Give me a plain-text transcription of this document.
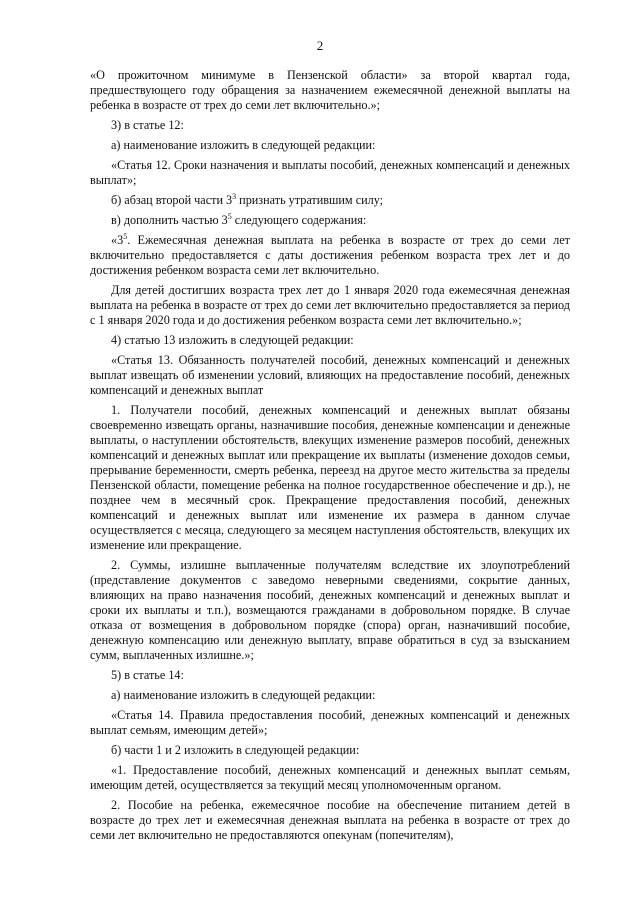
2

«О прожиточном минимуме в Пензенской области» за второй квартал года, предшествующего году обращения за назначением ежемесячной денежной выплаты на ребенка в возрасте от трех до семи лет включительно.»;

3) в статье 12:

а) наименование изложить в следующей редакции:

«Статья 12. Сроки назначения и выплаты пособий, денежных компенсаций и денежных выплат»;

б) абзац второй части $3^3$ признать утратившим силу;

в) дополнить частью $3^5$ следующего содержания:

«$3^5$. Ежемесячная денежная выплата на ребенка в возрасте от трех до семи лет включительно предоставляется с даты достижения ребенком возраста трех лет и до достижения ребенком возраста семи лет включительно.

Для детей достигших возраста трех лет до 1 января 2020 года ежемесячная денежная выплата на ребенка в возрасте от трех до семи лет включительно предоставляется за период с 1 января 2020 года и до достижения ребенком возраста семи лет включительно.»;

4) статью 13 изложить в следующей редакции:

«Статья 13. Обязанность получателей пособий, денежных компенсаций и денежных выплат извещать об изменении условий, влияющих на предоставление пособий, денежных компенсаций и денежных выплат

1. Получатели пособий, денежных компенсаций и денежных выплат обязаны своевременно извещать органы, назначившие пособия, денежные компенсации и денежные выплаты, о наступлении обстоятельств, влекущих изменение размеров пособий, денежных компенсаций и денежных выплат или прекращение их выплаты (изменение доходов семьи, прерывание беременности, смерть ребенка, переезд на другое место жительства за пределы Пензенской области, помещение ребенка на полное государственное обеспечение и др.), не позднее чем в месячный срок. Прекращение предоставления пособий, денежных компенсаций и денежных выплат или изменение их размера в данном случае осуществляется с месяца, следующего за месяцем наступления обстоятельств, влекущих их изменение или прекращение.

2. Суммы, излишне выплаченные получателям вследствие их злоупотреблений (представление документов с заведомо неверными сведениями, сокрытие данных, влияющих на право назначения пособий, денежных компенсаций и денежных выплат и сроки их выплаты и т.п.), возмещаются гражданами в добровольном порядке. В случае отказа от возмещения в добровольном порядке (спора) орган, назначивший пособие, денежную компенсацию или денежную выплату, вправе обратиться в суд за взысканием сумм, выплаченных излишне.»;

5) в статье 14:

а) наименование изложить в следующей редакции:

«Статья 14. Правила предоставления пособий, денежных компенсаций и денежных выплат семьям, имеющим детей»;

б) части 1 и 2 изложить в следующей редакции:

«1. Предоставление пособий, денежных компенсаций и денежных выплат семьям, имеющим детей, осуществляется за текущий месяц уполномоченным органом.

2. Пособие на ребенка, ежемесячное пособие на обеспечение питанием детей в возрасте до трех лет и ежемесячная денежная выплата на ребенка в возрасте от трех до семи лет включительно не предоставляются опекунам (попечителям),
